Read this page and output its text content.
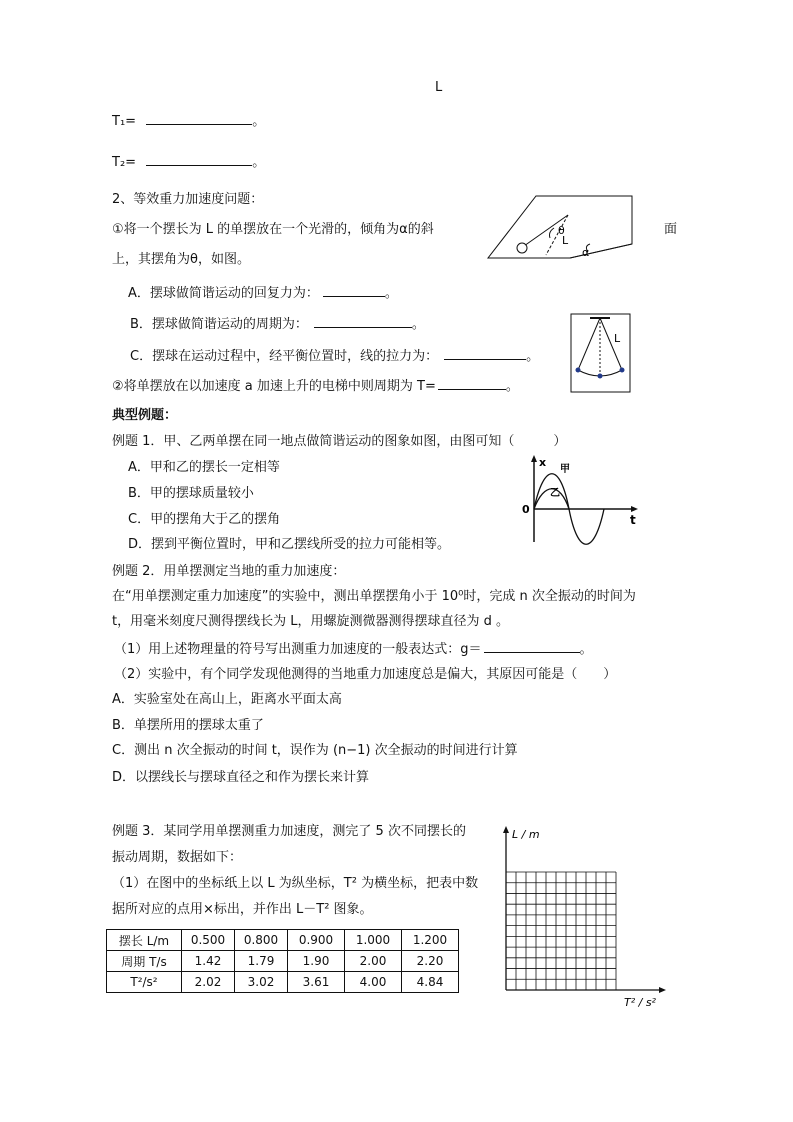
L
T₁=	。
T₂=	。
2、等效重力加速度问题：
①将一个摆长为 L 的单摆放在一个光滑的，倾角为α的斜	面
上，其摆角为θ，如图。
θ
L
α
A．摆球做简谐运动的回复力为：	。
B．摆球做简谐运动的周期为：	。
C．摆球在运动过程中，经平衡位置时，线的拉力为：	。
L
②将单摆放在以加速度 a 加速上升的电梯中则周期为 T=	。
典型例题：
例题 1．甲、乙两单摆在同一地点做简谐运动的图象如图，由图可知（　　　）
A．甲和乙的摆长一定相等
B．甲的摆球质量较小
C．甲的摆角大于乙的摆角
D．摆到平衡位置时，甲和乙摆线所受的拉力可能相等。
x
t
0
甲
乙
例题 2．用单摆测定当地的重力加速度：
在“用单摆测定重力加速度”的实验中，测出单摆摆角小于 10⁰时，完成 n 次全振动的时间为
t，用毫米刻度尺测得摆线长为 L，用螺旋测微器测得摆球直径为 d 。
（1）用上述物理量的符号写出测重力加速度的一般表达式：g＝	。
（2）实验中，有个同学发现他测得的当地重力加速度总是偏大，其原因可能是（　　）
A．实验室处在高山上，距离水平面太高
B．单摆所用的摆球太重了
C．测出 n 次全振动的时间 t，误作为 (n−1) 次全振动的时间进行计算
D．以摆线长与摆球直径之和作为摆长来计算
例题 3．某同学用单摆测重力加速度，测完了 5 次不同摆长的
振动周期，数据如下：
（1）在图中的坐标纸上以 L 为纵坐标，T² 为横坐标，把表中数
据所对应的点用×标出，并作出 L－T² 图象。
摆长 L/m	0.500	0.800	0.900	1.000	1.200
周期 T/s	1.42	1.79	1.90	2.00	2.20
T²/s²	2.02	3.02	3.61	4.00	4.84
L / m
T² / s²
